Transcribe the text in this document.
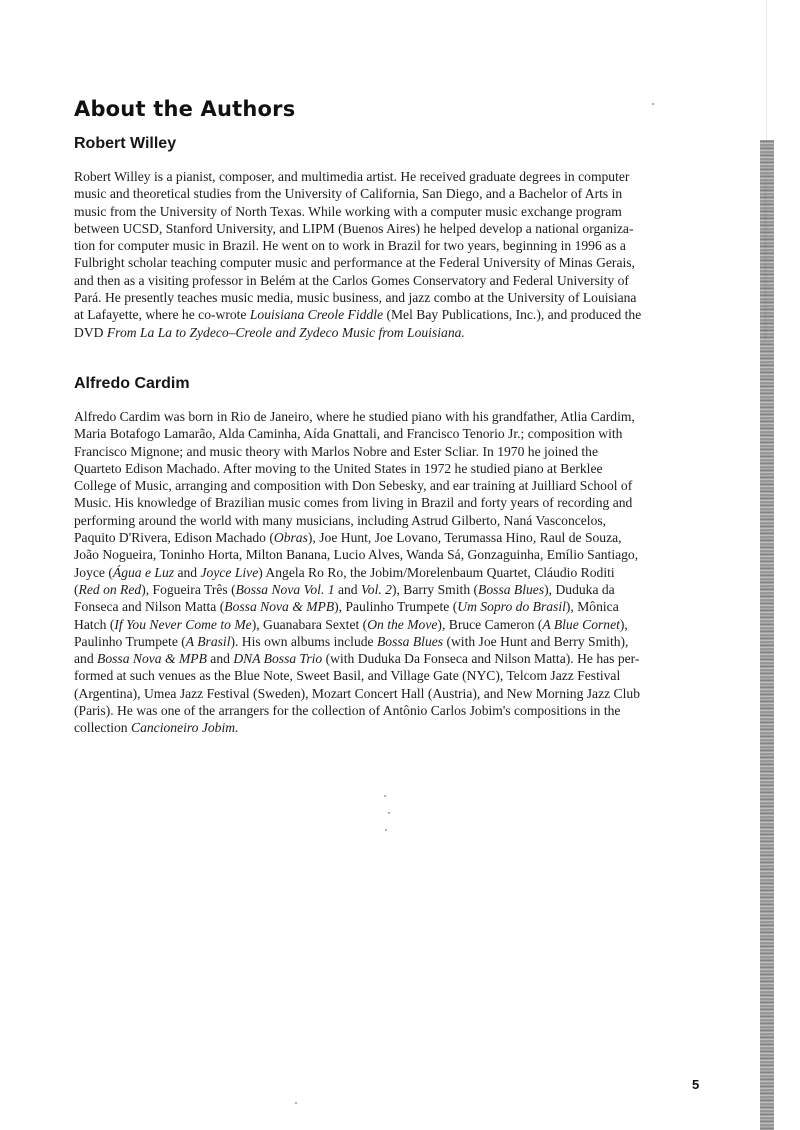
About the Authors
Robert Willey
Robert Willey is a pianist, composer, and multimedia artist. He received graduate degrees in computer
music and theoretical studies from the University of California, San Diego, and a Bachelor of Arts in
music from the University of North Texas. While working with a computer music exchange program
between UCSD, Stanford University, and LIPM (Buenos Aires) he helped develop a national organiza-
tion for computer music in Brazil. He went on to work in Brazil for two years, beginning in 1996 as a
Fulbright scholar teaching computer music and performance at the Federal University of Minas Gerais,
and then as a visiting professor in Belém at the Carlos Gomes Conservatory and Federal University of
Pará. He presently teaches music media, music business, and jazz combo at the University of Louisiana
at Lafayette, where he co-wrote Louisiana Creole Fiddle (Mel Bay Publications, Inc.), and produced the
DVD From La La to Zydeco–Creole and Zydeco Music from Louisiana.
Alfredo Cardim
Alfredo Cardim was born in Rio de Janeiro, where he studied piano with his grandfather, Atlia Cardim,
Maria Botafogo Lamarão, Alda Caminha, Aída Gnattali, and Francisco Tenorio Jr.; composition with
Francisco Mignone; and music theory with Marlos Nobre and Ester Scliar. In 1970 he joined the
Quarteto Edison Machado. After moving to the United States in 1972 he studied piano at Berklee
College of Music, arranging and composition with Don Sebesky, and ear training at Juilliard School of
Music. His knowledge of Brazilian music comes from living in Brazil and forty years of recording and
performing around the world with many musicians, including Astrud Gilberto, Naná Vasconcelos,
Paquito D'Rivera, Edison Machado (Obras), Joe Hunt, Joe Lovano, Terumassa Hino, Raul de Souza,
João Nogueira, Toninho Horta, Milton Banana, Lucio Alves, Wanda Sá, Gonzaguinha, Emílio Santiago,
Joyce (Água e Luz and Joyce Live) Angela Ro Ro, the Jobim/Morelenbaum Quartet, Cláudio Roditi
(Red on Red), Fogueira Três (Bossa Nova Vol. 1 and Vol. 2), Barry Smith (Bossa Blues), Duduka da
Fonseca and Nilson Matta (Bossa Nova & MPB), Paulinho Trumpete (Um Sopro do Brasil), Mônica
Hatch (If You Never Come to Me), Guanabara Sextet (On the Move), Bruce Cameron (A Blue Cornet),
Paulinho Trumpete (A Brasil). His own albums include Bossa Blues (with Joe Hunt and Berry Smith),
and Bossa Nova & MPB and DNA Bossa Trio (with Duduka Da Fonseca and Nilson Matta). He has per-
formed at such venues as the Blue Note, Sweet Basil, and Village Gate (NYC), Telcom Jazz Festival
(Argentina), Umea Jazz Festival (Sweden), Mozart Concert Hall (Austria), and New Morning Jazz Club
(Paris). He was one of the arrangers for the collection of Antônio Carlos Jobim's compositions in the
collection Cancioneiro Jobim.
5
